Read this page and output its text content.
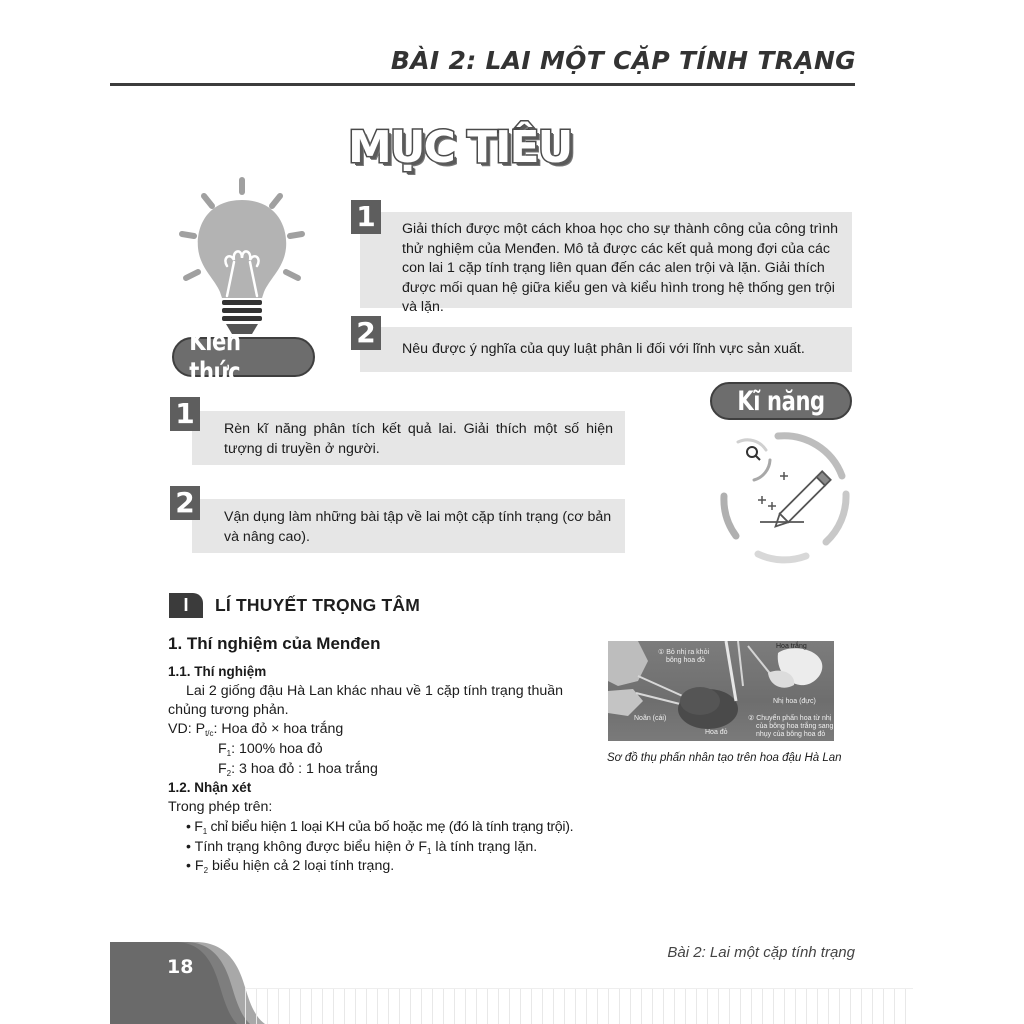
BÀI 2: LAI MỘT CẶP TÍNH TRẠNG
MỤC TIÊU
Kiến thức
Giải thích được một cách khoa học cho sự thành công của công trình
thử nghiệm của Menđen. Mô tả được các kết quả mong đợi của các
con lai 1 cặp tính trạng liên quan đến các alen trội và lặn. Giải thích
được mối quan hệ giữa kiểu gen và kiểu hình trong hệ thống gen trội
và lặn.
1
Nêu được ý nghĩa của quy luật phân li đối với lĩnh vực sản xuất.
2
Kĩ năng
Rèn kĩ năng phân tích kết quả lai. Giải thích một số hiện
tượng di truyền ở người.
1
Vận dụng làm những bài tập về lai một cặp tính trạng (cơ bản
và nâng cao).
2
I	LÍ THUYẾT TRỌNG TÂM
1. Thí nghiệm của Menđen
1.1. Thí nghiệm
Lai 2 giống đậu Hà Lan khác nhau về 1 cặp tính trạng thuần
chủng tương phản.
VD: $P_{t/c}$: Hoa đỏ × hoa trắng
$F_1$: 100% hoa đỏ
$F_2$: 3 hoa đỏ : 1 hoa trắng
1.2. Nhận xét
Trong phép trên:
• $F_1$ chỉ biểu hiện 1 loại KH của bố hoặc mẹ (đó là tính trạng trội).
• Tính trạng không được biểu hiện ở $F_1$ là tính trạng lặn.
• $F_2$ biểu hiện cả 2 loại tính trạng.
① Bỏ nhị ra khỏi
bông hoa đỏ
Hoa trắng
Nhị hoa (đực)
Noãn (cái)
Hoa đỏ
② Chuyển phấn hoa từ nhị
của bông hoa trắng sang
nhụy của bông hoa đỏ
Sơ đồ thụ phấn nhân tạo trên hoa đậu Hà Lan
18
Bài 2: Lai một cặp tính trạng
